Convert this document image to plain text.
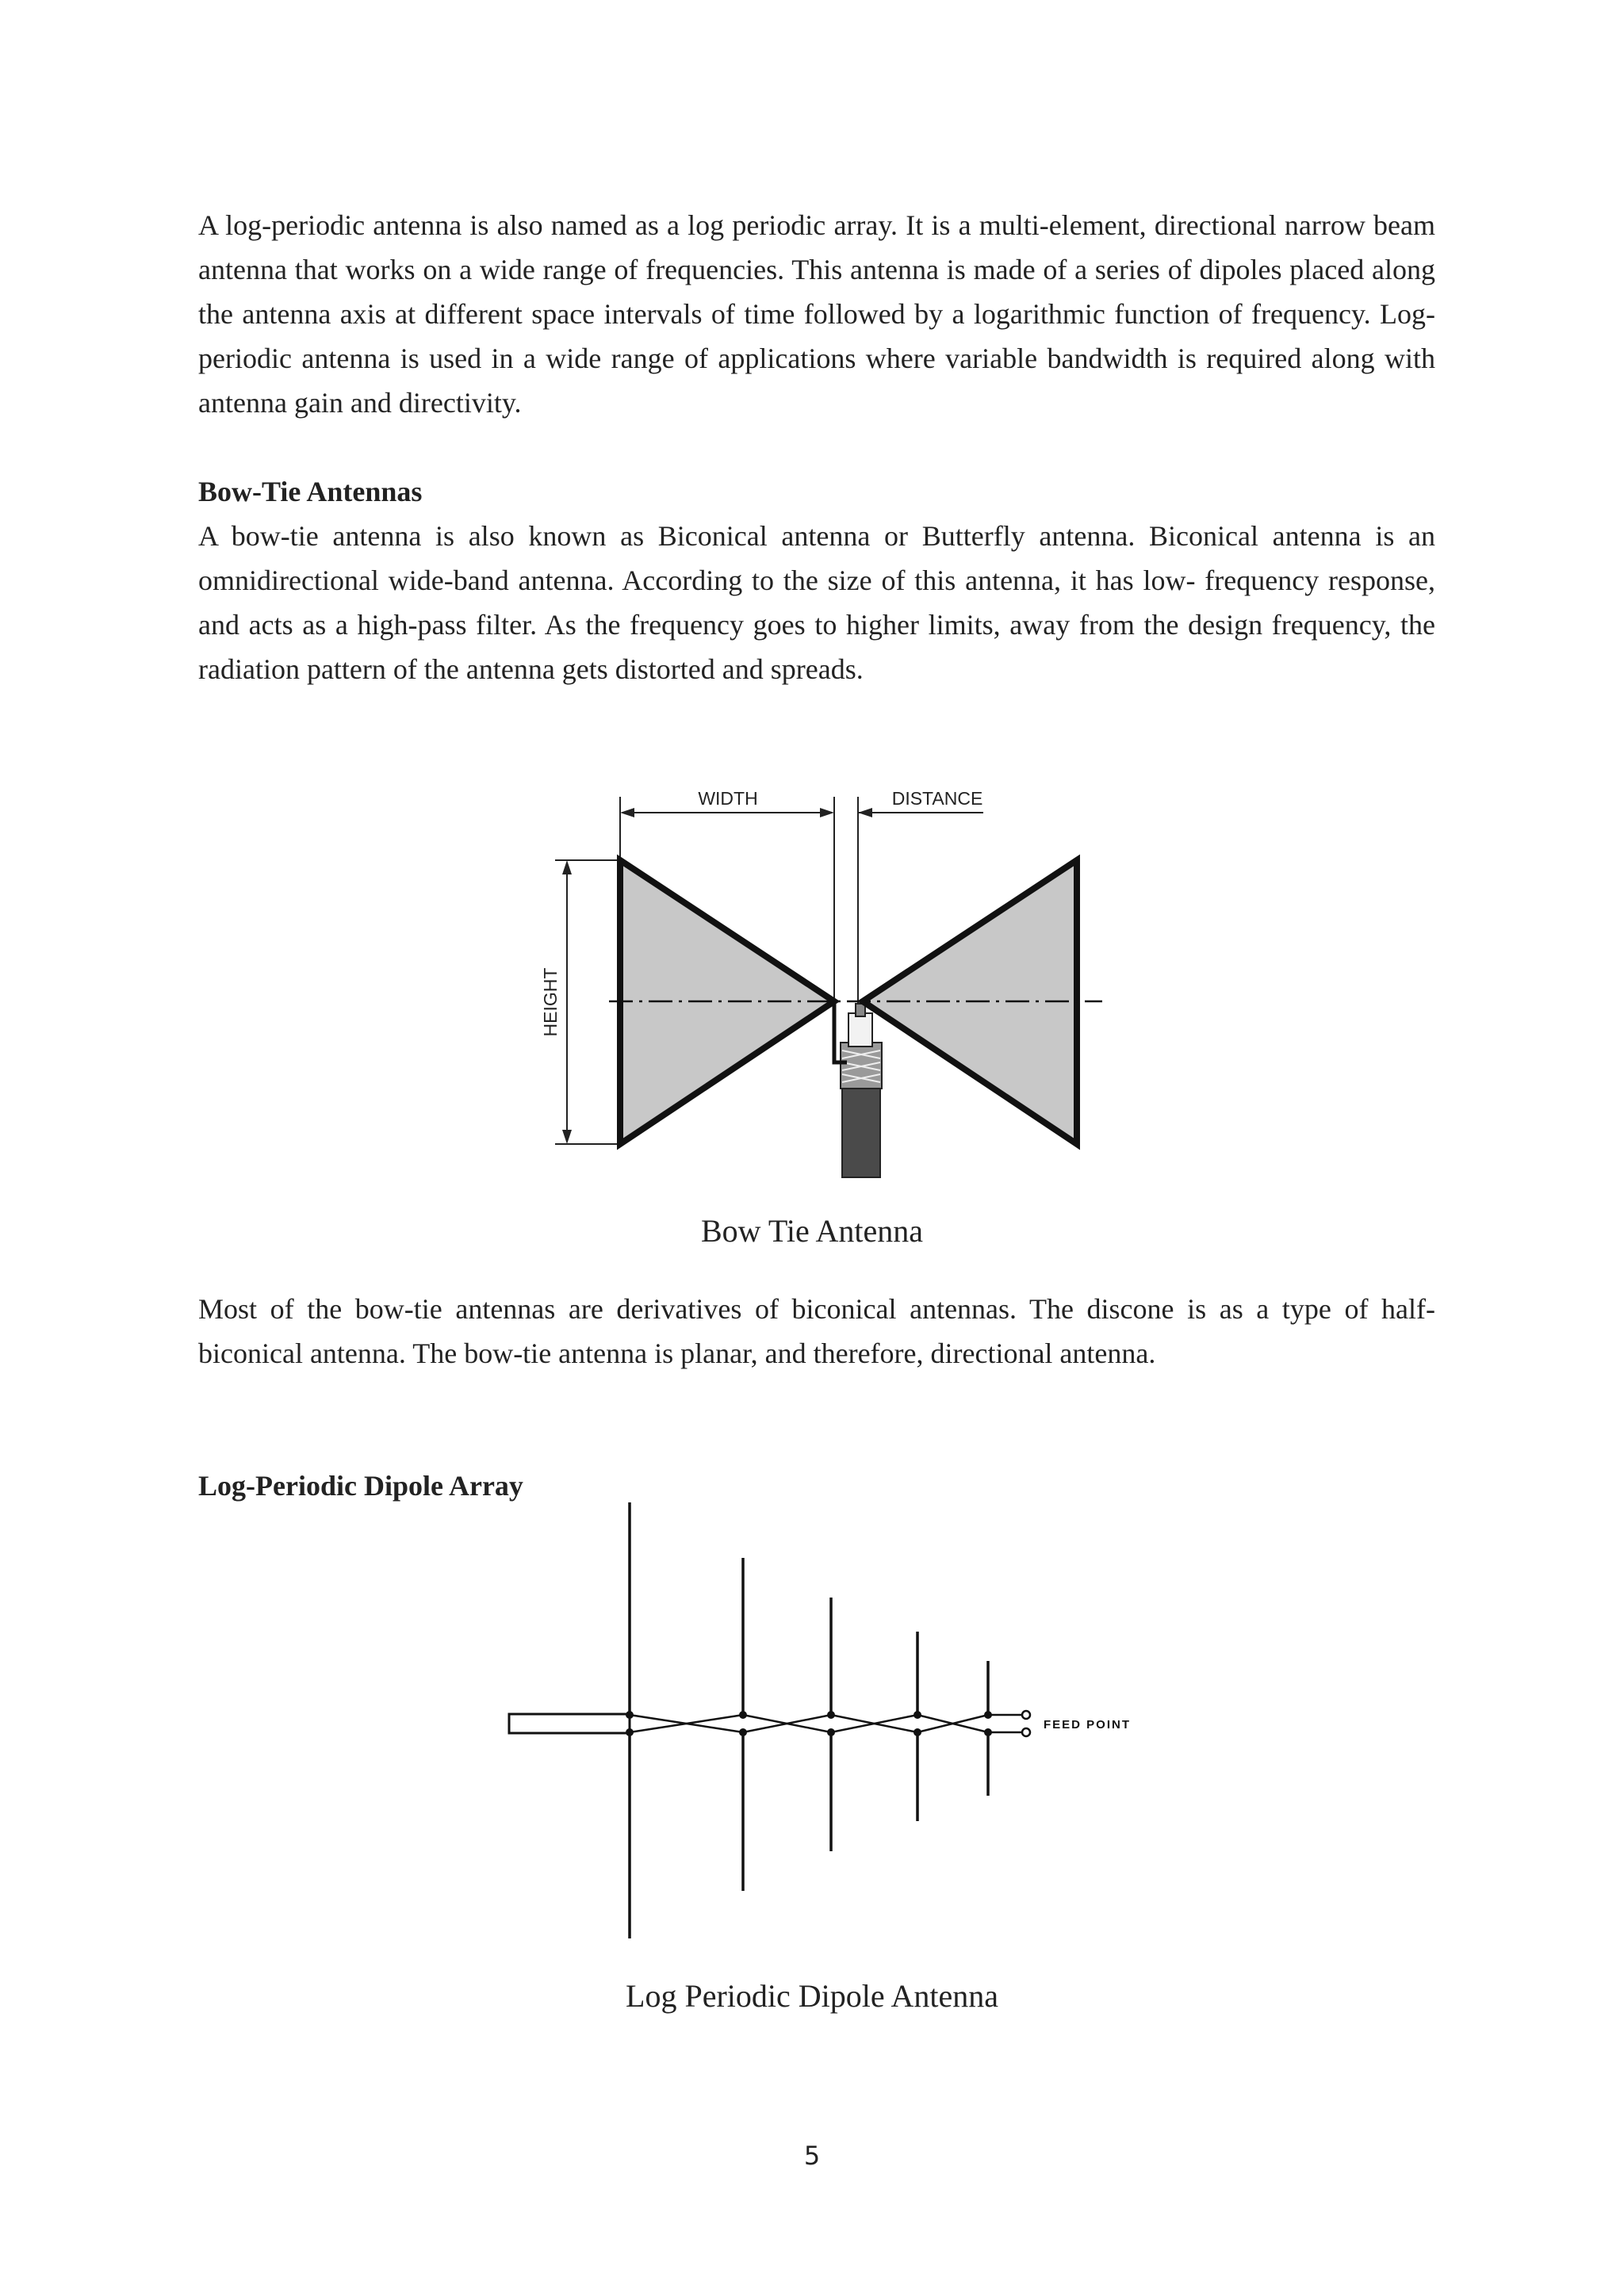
A log-periodic antenna is also named as a log periodic array. It is a multi-element, directional narrow beam antenna that works on a wide range of frequencies. This antenna is made of a series of dipoles placed along the antenna axis at different space intervals of time followed by a logarithmic function of frequency. Log-periodic antenna is used in a wide range of applications where variable bandwidth is required along with antenna gain and directivity.

Bow-Tie Antennas

A bow-tie antenna is also known as Biconical antenna or Butterfly antenna. Biconical antenna is an omnidirectional wide-band antenna. According to the size of this antenna, it has low- frequency response, and acts as a high-pass filter. As the frequency goes to higher limits, away from the design frequency, the radiation pattern of the antenna gets distorted and spreads.

WIDTH	DISTANCE
HEIGHT

Bow Tie Antenna

Most of the bow-tie antennas are derivatives of biconical antennas. The discone is as a type of half-biconical antenna. The bow-tie antenna is planar, and therefore, directional antenna.

Log-Periodic Dipole Array
FEED POINT

Log Periodic Dipole Antenna

5
